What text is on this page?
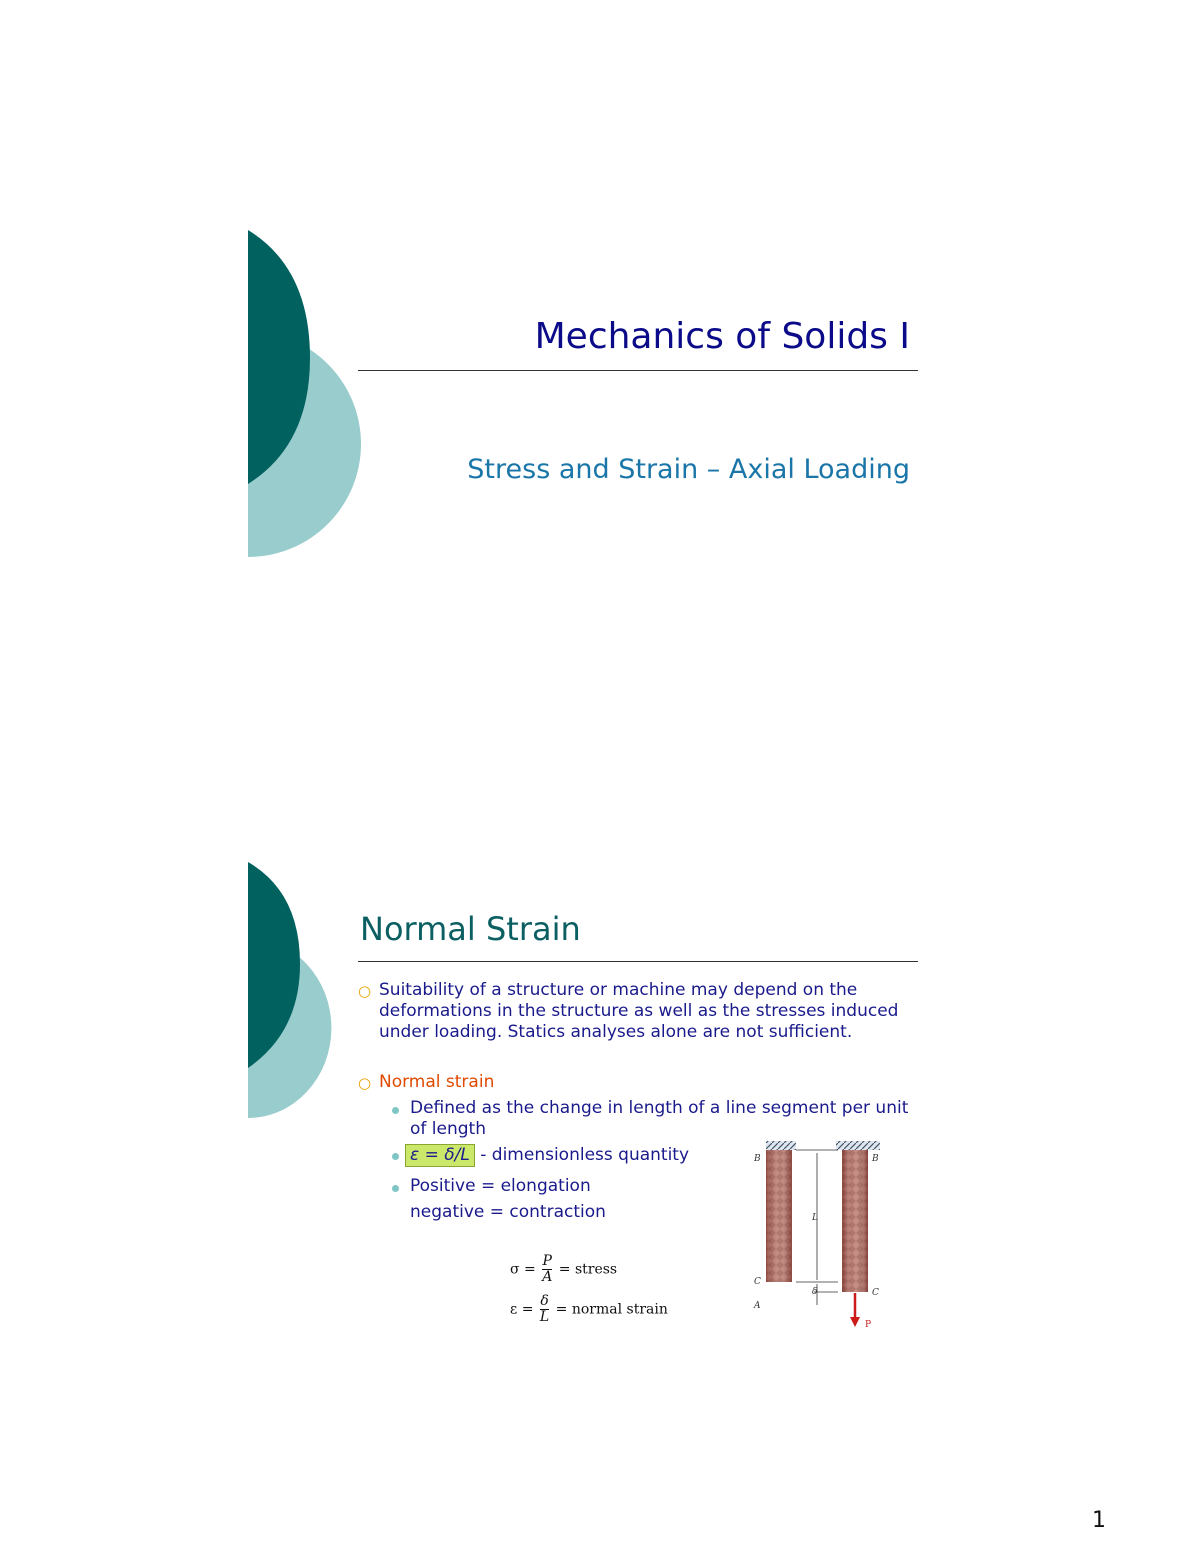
Mechanics of Solids I
Stress and Strain – Axial Loading
Normal Strain
○ Suitability of a structure or machine may depend on the deformations in the structure as well as the stresses induced under loading. Statics analyses alone are not sufficient.
○ Normal strain
Defined as the change in length of a line segment per unit of length
ε = δ/L - dimensionless quantity
Positive = elongation
negative = contraction
$\sigma = \frac{P}{A}$ = stress
$\varepsilon = \frac{\delta}{L}$ = normal strain
B	B
L
C
A
δ	C
P
1
